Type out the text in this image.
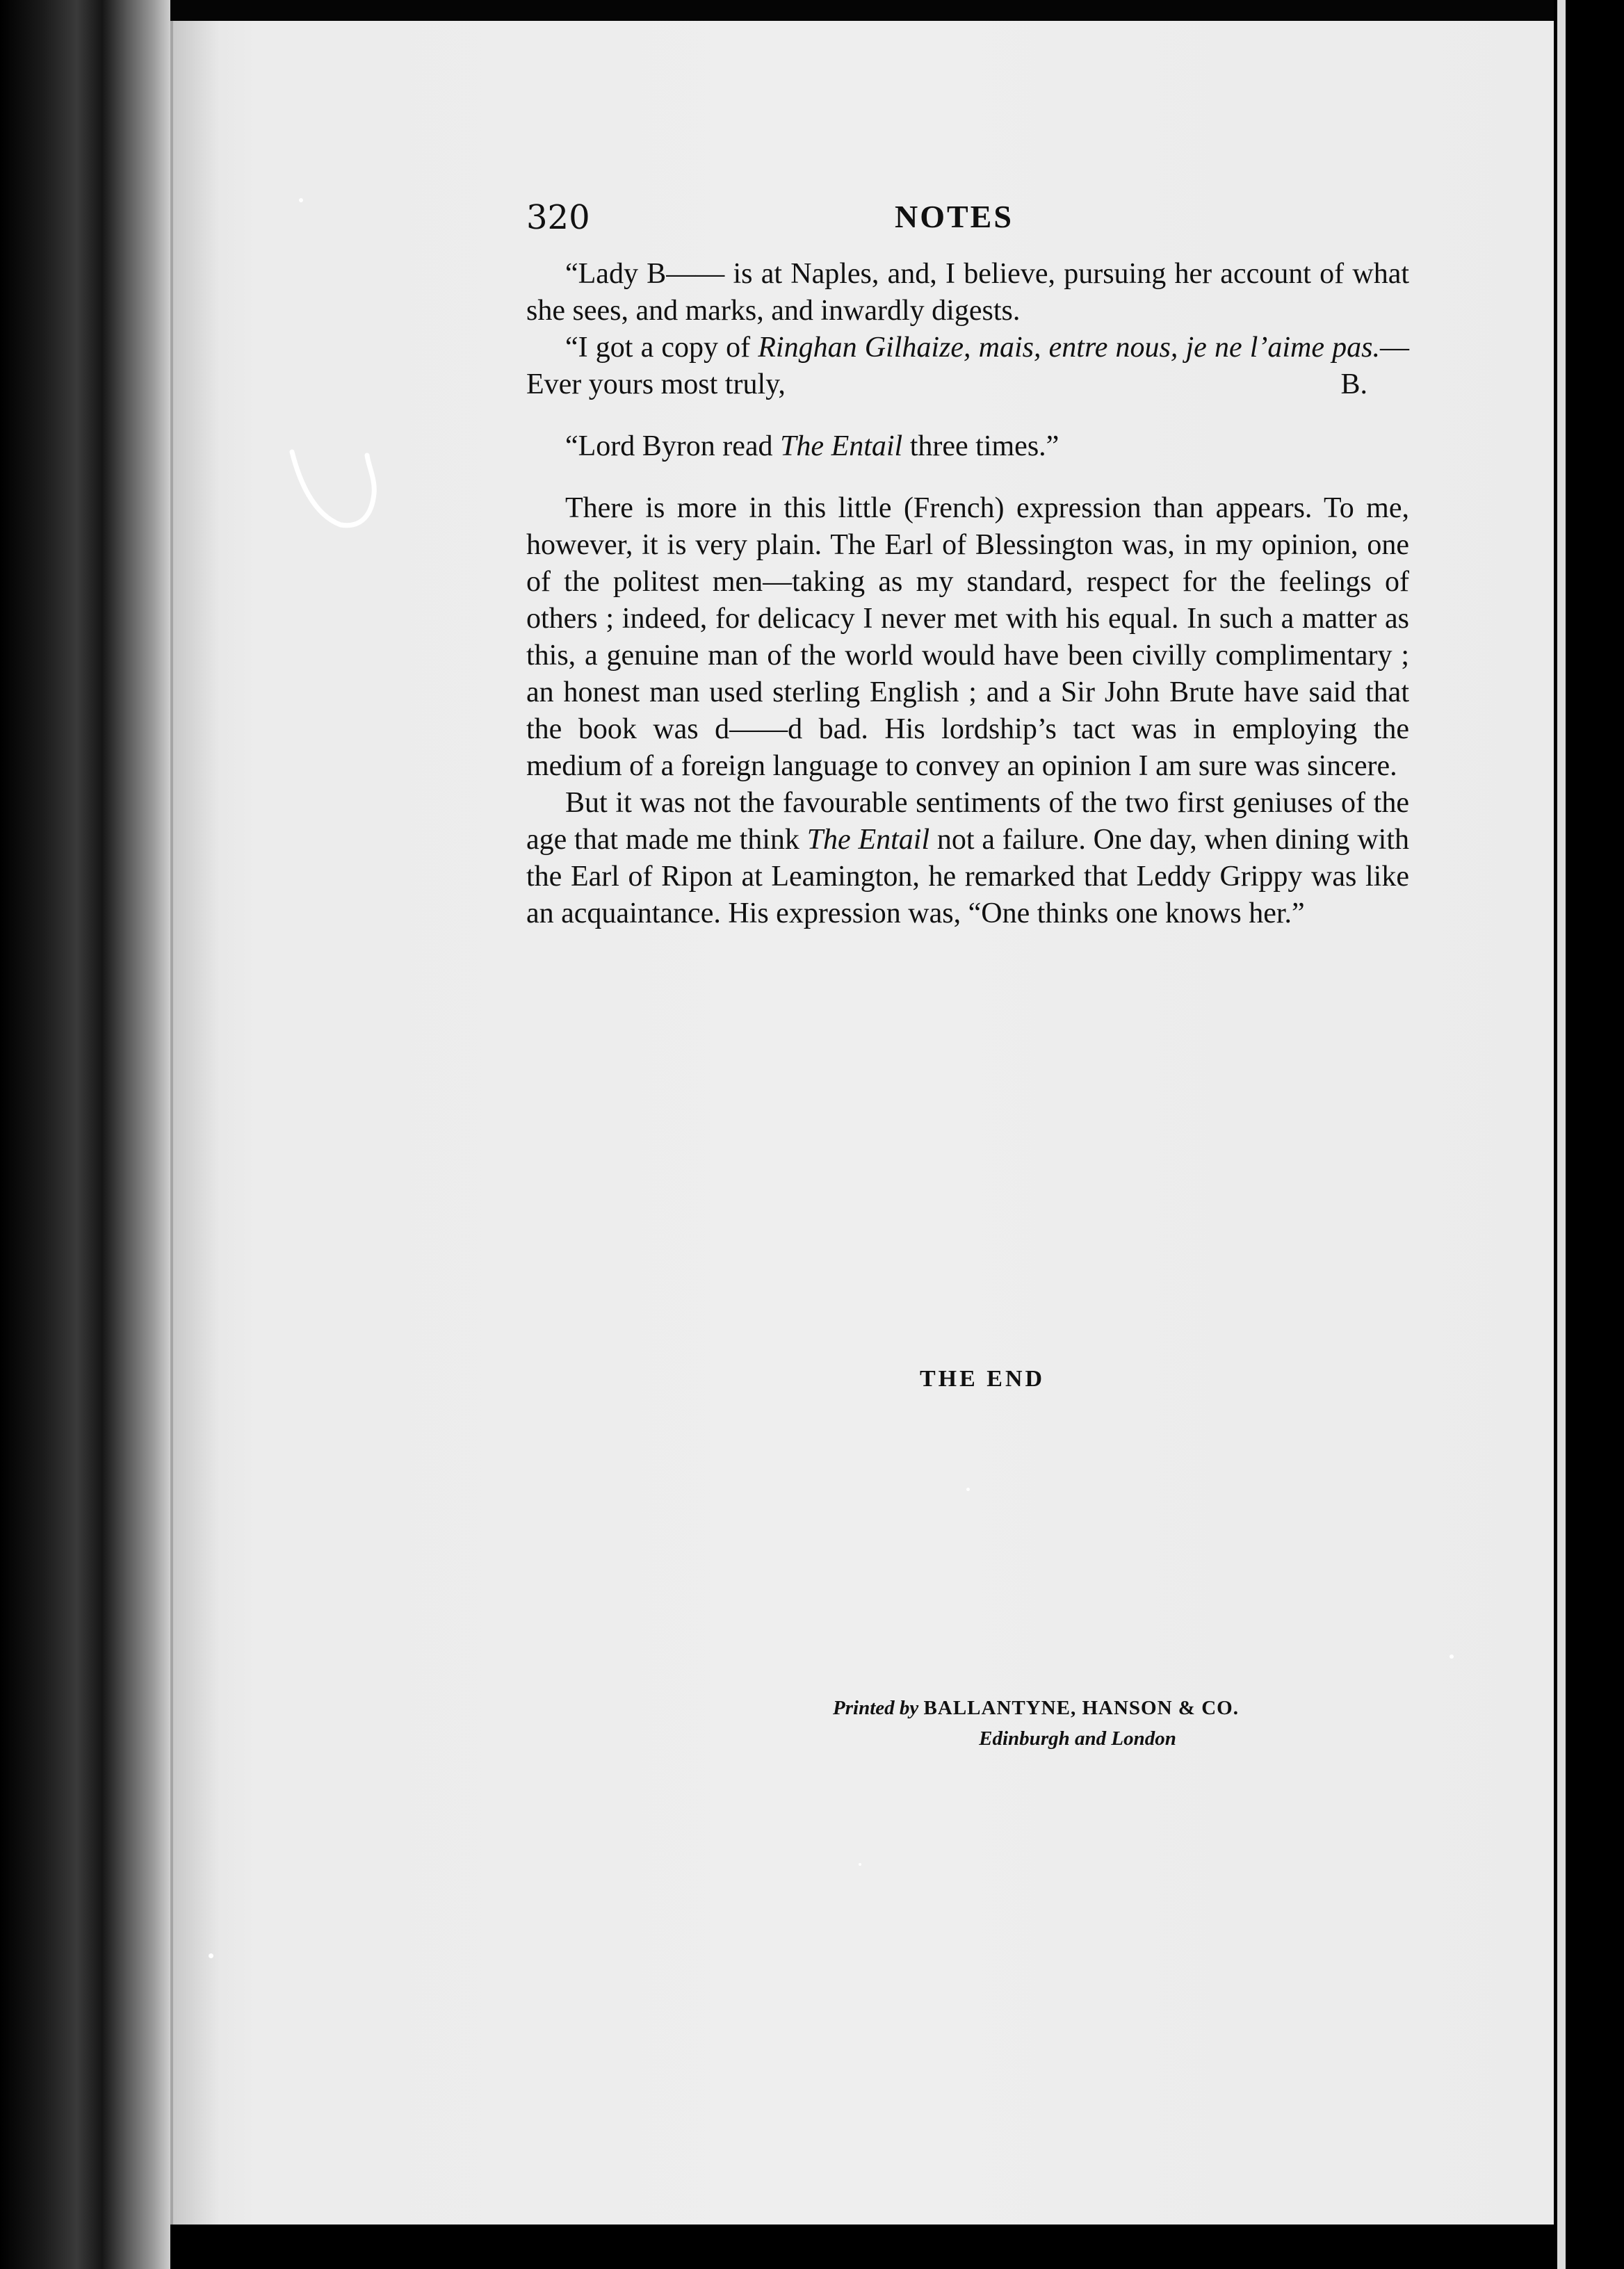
320	NOTES

“Lady B—— is at Naples, and, I believe, pursuing her account of what she sees, and marks, and inwardly digests.

“I got a copy of Ringhan Gilhaize, mais, entre nous, je ne l’aime pas.—Ever yours most truly,	B.

“Lord Byron read The Entail three times.”

There is more in this little (French) expression than appears. To me, however, it is very plain. The Earl of Blessington was, in my opinion, one of the politest men—taking as my standard, respect for the feelings of others ; indeed, for delicacy I never met with his equal. In such a matter as this, a genuine man of the world would have been civilly complimentary ; an honest man used sterling English ; and a Sir John Brute have said that the book was d——d bad. His lordship’s tact was in employing the medium of a foreign language to convey an opinion I am sure was sincere.

But it was not the favourable sentiments of the two first geniuses of the age that made me think The Entail not a failure. One day, when dining with the Earl of Ripon at Leamington, he remarked that Leddy Grippy was like an acquaintance. His expression was, “One thinks one knows her.”

THE END
Printed by BALLANTYNE, HANSON & CO.
Edinburgh and London
